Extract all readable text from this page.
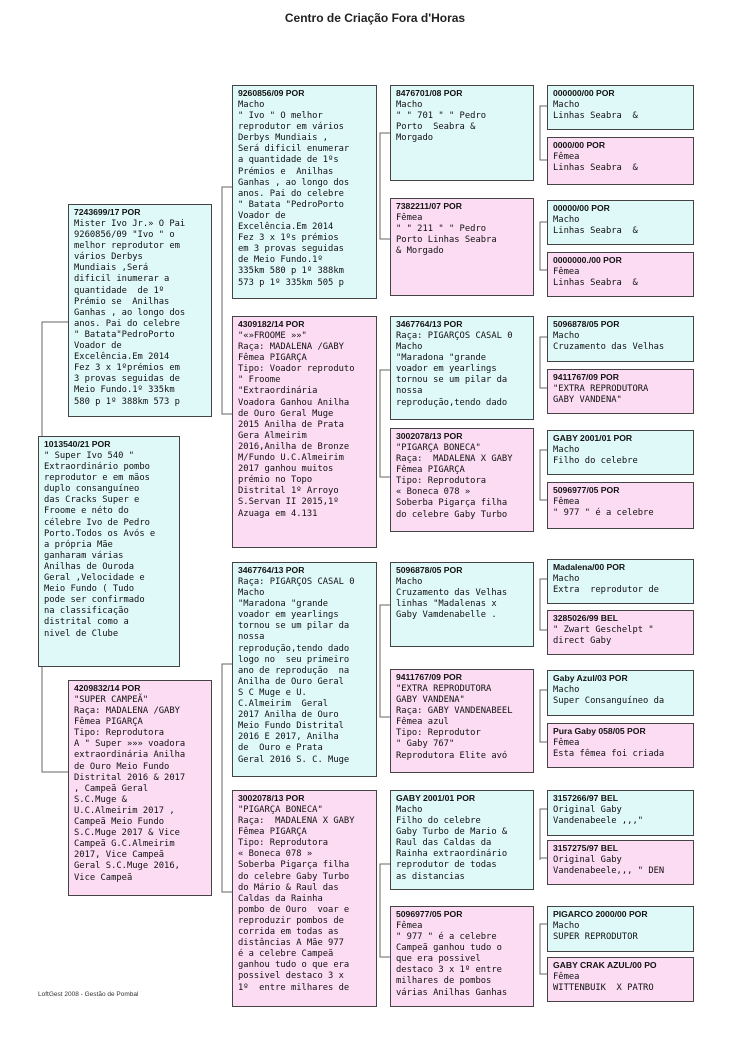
Centro de Criação Fora d'Horas
1013540/21 POR
" Super Ivo 540 "
Extraordinário pombo
reprodutor e em mãos
duplo consanguíneo
das Cracks Super e
Froome e néto do
célebre Ivo de Pedro
Porto.Todos os Avós e
a própria Mãe
ganharam várias
Anilhas de Ouroda
Geral ,Velocidade e
Meio Fundo ( Tudo
pode ser confirmado
na classificação
distrital como a
nivel de Clube
7243699/17 POR
Mister Ivo Jr.» O Pai
9260856/09 "Ivo " o
melhor reprodutor em
vários Derbys
Mundiais ,Será
dificil inumerar a
quantidade  de 1º
Prémio se  Anilhas
Ganhas , ao longo dos
anos. Pai do celebre
" Batata"PedroPorto
Voador de
Excelência.Em 2014
Fez 3 x 1ºprémios em
3 provas seguidas de
Meio Fundo.1º 335km
580 p 1º 388km 573 p
4209832/14 POR
"SUPER CAMPEÃ"
Raça: MADALENA /GABY
Fêmea PIGARÇA
Tipo: Reprodutora
A " Super »»» voadora
extraordinária Anilha
de Ouro Meio Fundo
Distrital 2016 & 2017
, Campeã Geral
S.C.Muge &
U.C.Almeirim 2017 ,
Campeã Meio Fundo
S.C.Muge 2017 & Vice
Campeã G.C.Almeirim
2017, Vice Campeã
Geral S.C.Muge 2016,
Vice Campeã
9260856/09 POR
Macho
" Ivo " O melhor
reprodutor em vários
Derbys Mundiais ,
Será dificil enumerar
a quantidade de 1ºs
Prémios e  Anilhas
Ganhas , ao longo dos
anos. Pai do celebre
" Batata "PedroPorto
Voador de
Excelência.Em 2014
Fez 3 x 1ºs prémios
em 3 provas seguidas
de Meio Fundo.1º
335km 580 p 1º 388km
573 p 1º 335km 505 p
4309182/14 POR
"«»FROOME »»"
Raça: MADALENA /GABY
Fêmea PIGARÇA
Tipo: Voador reproduto
" Froome
"Extraordinária
Voadora Ganhou Anilha
de Ouro Geral Muge
2015 Anilha de Prata
Gera Almeirim
2016,Anilha de Bronze
M/Fundo U.C.Almeirim
2017 ganhou muitos
prémio no Topo
Distrital 1º Arroyo
S.Servan II 2015,1º
Azuaga em 4.131
3467764/13 POR
Raça: PIGARÇOS CASAL 0
Macho
"Maradona "grande
voador em yearlings
tornou se um pilar da
nossa
reprodução,tendo dado
logo no  seu primeiro
ano de reprodução  na
Anilha de Ouro Geral
S C Muge e U.
C.Almeirim  Geral
2017 Anilha de Ouro
Meio Fundo Distrital
2016 E 2017, Anilha
de  Ouro e Prata
Geral 2016 S. C. Muge
3002078/13 POR
"PIGARÇA BONECA"
Raça:  MADALENA X GABY
Fêmea PIGARÇA
Tipo: Reprodutora
« Boneca 078 »
Soberba Pigarça filha
do celebre Gaby Turbo
do Mário & Raul das
Caldas da Rainha
pombo de Ouro  voar e
reproduzir pombos de
corrida em todas as
distâncias A Mãe 977
é a celebre Campeã
ganhou tudo o que era
possivel destaco 3 x
1º  entre milhares de
8476701/08 POR
Macho
" " 701 " " Pedro
Porto  Seabra &
Morgado
7382211/07 POR
Fêmea
" " 211 " " Pedro
Porto Linhas Seabra
& Morgado
3467764/13 POR
Raça: PIGARÇOS CASAL 0
Macho
"Maradona "grande
voador em yearlings
tornou se um pilar da
nossa
reprodução,tendo dado
3002078/13 POR
"PIGARÇA BONECA"
Raça:  MADALENA X GABY
Fêmea PIGARÇA
Tipo: Reprodutora
« Boneca 078 »
Soberba Pigarça filha
do celebre Gaby Turbo
5096878/05 POR
Macho
Cruzamento das Velhas
linhas "Madalenas x
Gaby Vamdenabelle .
9411767/09 POR
"EXTRA REPRODUTORA
GABY VANDENA"
Raça: GABY VANDENABEEL
Fêmea azul
Tipo: Reprodutor
" Gaby 767"
Reprodutora Elite avó
GABY 2001/01 POR
Macho
Filho do celebre
Gaby Turbo de Mario &
Raul das Caldas da
Rainha extraordinário
reprodutor de todas
as distancias
5096977/05 POR
Fêmea
" 977 " é a celebre
Campeã ganhou tudo o
que era possivel
destaco 3 x 1º entre
milhares de pombos
várias Anilhas Ganhas
000000/00 POR
Macho
Linhas Seabra  &
0000/00 POR
Fêmea
Linhas Seabra  &
00000/00 POR
Macho
Linhas Seabra  &
0000000./00 POR
Fêmea
Linhas Seabra  &
5096878/05 POR
Macho
Cruzamento das Velhas
9411767/09 POR
"EXTRA REPRODUTORA
GABY VANDENA"
GABY 2001/01 POR
Macho
Filho do celebre
5096977/05 POR
Fêmea
" 977 " é a celebre
Madalena/00 POR
Macho
Extra  reprodutor de
3285026/99 BEL
" Zwart Geschelpt "
direct Gaby
Gaby Azul/03 POR
Macho
Super Consanguíneo da
Pura Gaby 058/05 POR
Fêmea
Esta fêmea foi criada
3157266/97 BEL
Original Gaby
Vandenabeele ,,,"
3157275/97 BEL
Original Gaby
Vandenabeele,,, " DEN
PIGARCO 2000/00 POR
Macho
SUPER REPRODUTOR
GABY CRAK AZUL/00 PO
Fêmea
WITTENBUIK  X PATRO
LoftGest 2008 - Gestão de Pombal
